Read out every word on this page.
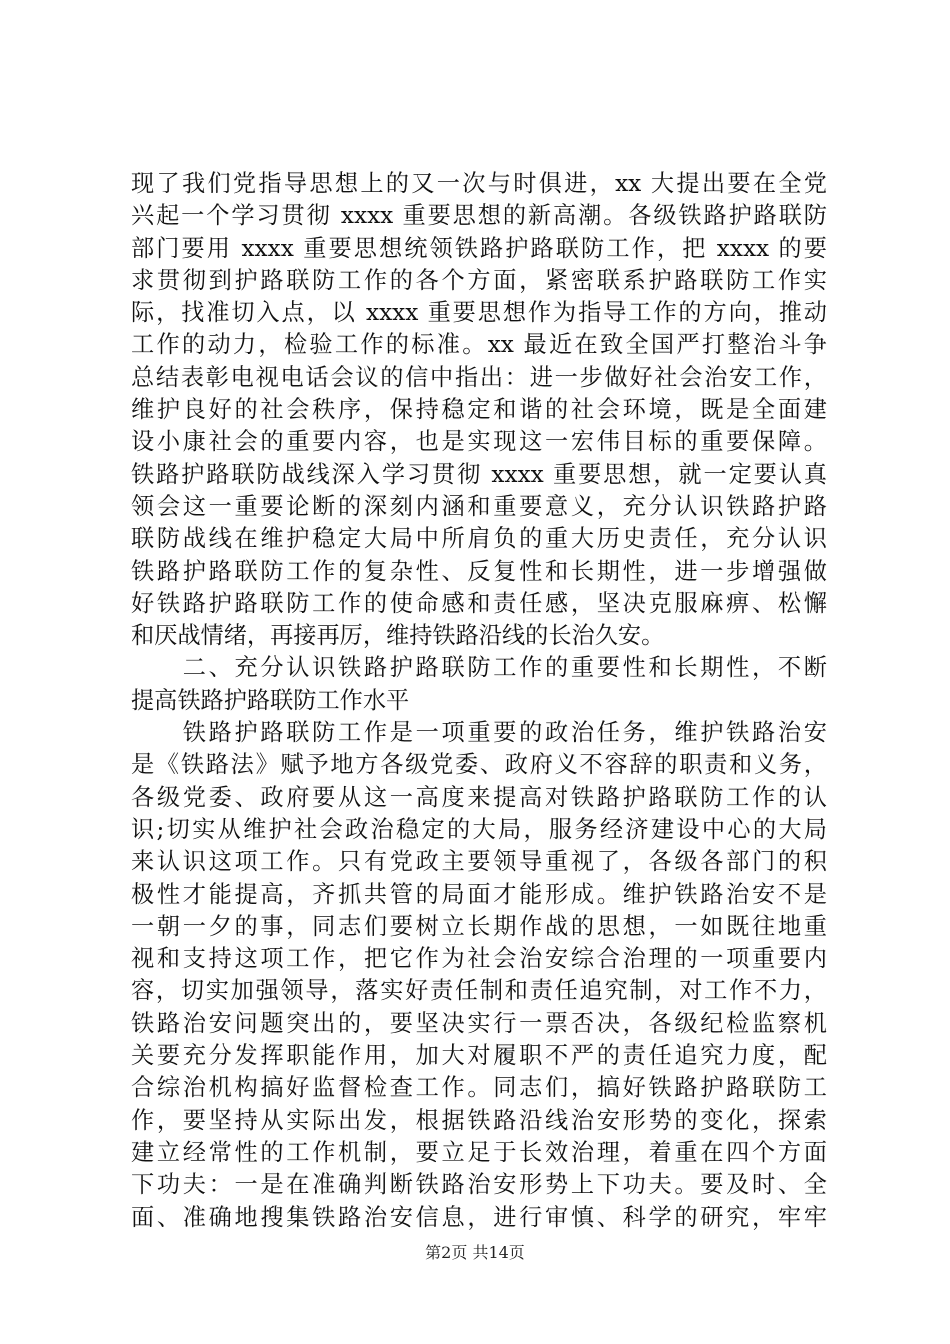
现了我们党指导思想上的又一次与时俱进，xx 大提出要在全党
兴起一个学习贯彻 xxxx 重要思想的新高潮。各级铁路护路联防
部门要用 xxxx 重要思想统领铁路护路联防工作，把 xxxx 的要
求贯彻到护路联防工作的各个方面，紧密联系护路联防工作实
际，找准切入点，以 xxxx 重要思想作为指导工作的方向，推动
工作的动力，检验工作的标准。xx 最近在致全国严打整治斗争
总结表彰电视电话会议的信中指出：进一步做好社会治安工作，
维护良好的社会秩序，保持稳定和谐的社会环境，既是全面建
设小康社会的重要内容，也是实现这一宏伟目标的重要保障。
铁路护路联防战线深入学习贯彻 xxxx 重要思想，就一定要认真
领会这一重要论断的深刻内涵和重要意义，充分认识铁路护路
联防战线在维护稳定大局中所肩负的重大历史责任，充分认识
铁路护路联防工作的复杂性、反复性和长期性，进一步增强做
好铁路护路联防工作的使命感和责任感，坚决克服麻痹、松懈
和厌战情绪，再接再厉，维持铁路沿线的长治久安。
　　二、充分认识铁路护路联防工作的重要性和长期性，不断
提高铁路护路联防工作水平
　　铁路护路联防工作是一项重要的政治任务，维护铁路治安
是《铁路法》赋予地方各级党委、政府义不容辞的职责和义务，
各级党委、政府要从这一高度来提高对铁路护路联防工作的认
识;切实从维护社会政治稳定的大局，服务经济建设中心的大局
来认识这项工作。只有党政主要领导重视了，各级各部门的积
极性才能提高，齐抓共管的局面才能形成。维护铁路治安不是
一朝一夕的事，同志们要树立长期作战的思想，一如既往地重
视和支持这项工作，把它作为社会治安综合治理的一项重要内
容，切实加强领导，落实好责任制和责任追究制，对工作不力，
铁路治安问题突出的，要坚决实行一票否决，各级纪检监察机
关要充分发挥职能作用，加大对履职不严的责任追究力度，配
合综治机构搞好监督检查工作。同志们，搞好铁路护路联防工
作，要坚持从实际出发，根据铁路沿线治安形势的变化，探索
建立经常性的工作机制，要立足于长效治理，着重在四个方面
下功夫：一是在准确判断铁路治安形势上下功夫。要及时、全
面、准确地搜集铁路治安信息，进行审慎、科学的研究，牢牢
第2页 共14页
